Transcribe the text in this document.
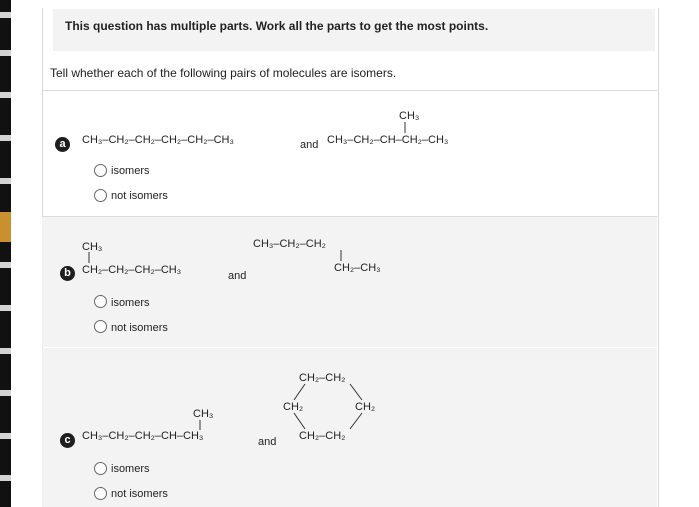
This question has multiple parts. Work all the parts to get the most points.
Tell whether each of the following pairs of molecules are isomers.
a	CH₃–CH₂–CH₂–CH₂–CH₂–CH₃	and
CH₃
CH₃–CH₂–CH–CH₂–CH₃
isomers
not isomers
CH₃
b	CH₂–CH₂–CH₂–CH₃	and
CH₃–CH₂–CH₂
CH₂–CH₃
isomers
not isomers
CH₃
c	CH₃–CH₂–CH₂–CH–CH₃	and
CH₂–CH₂
CH₂	CH₂
CH₂–CH₂
isomers
not isomers
